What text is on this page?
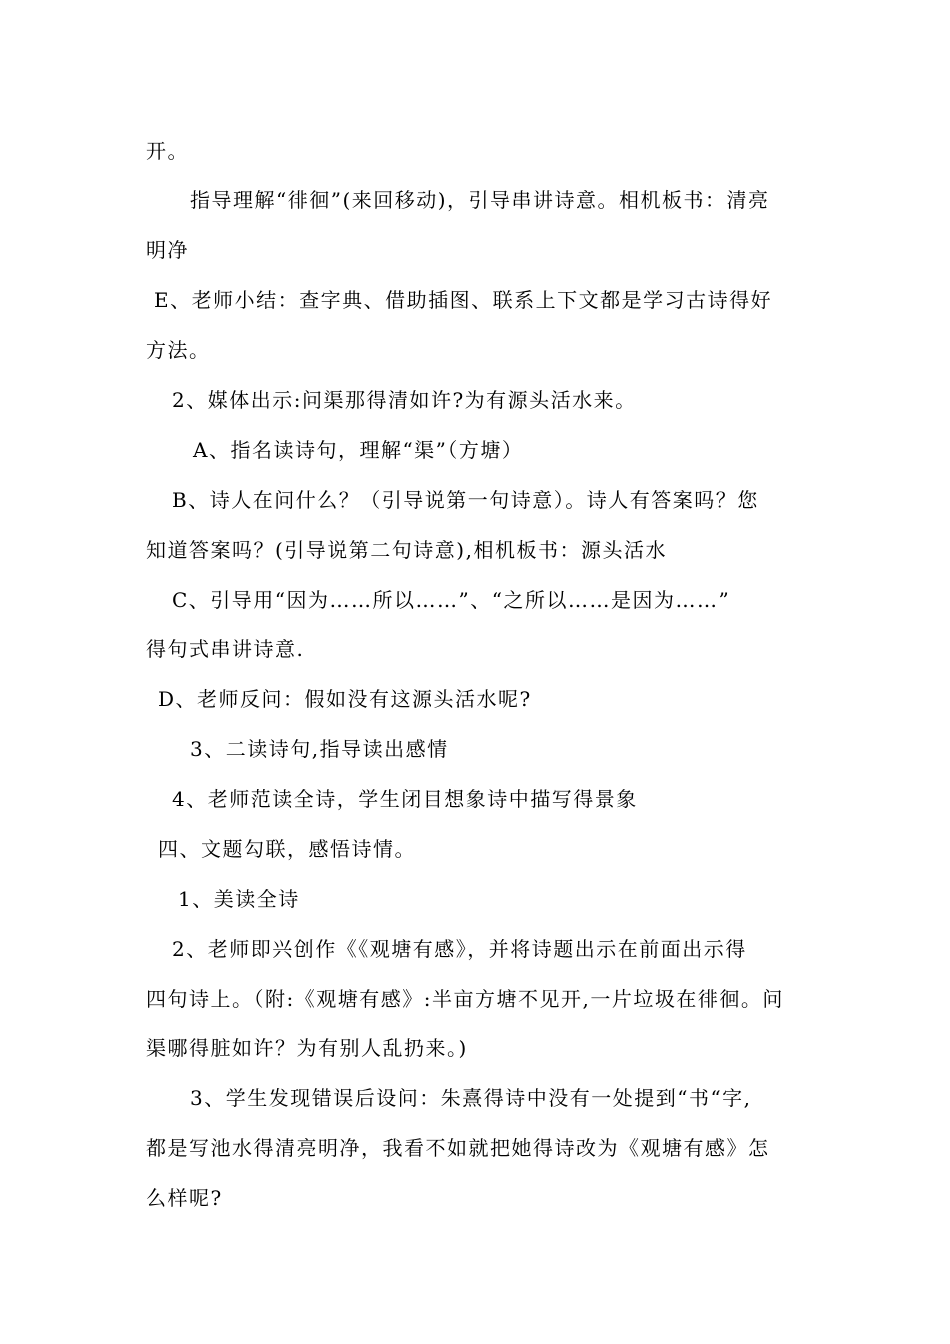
开。
指导理解“徘徊”(来回移动)，引导串讲诗意。相机板书：清亮
明净
E、老师小结：查字典、借助插图、联系上下文都是学习古诗得好
方法。
2、媒体出示:问渠那得清如许?为有源头活水来。
A、指名读诗句，理解“渠”（方塘）
B、诗人在问什么？（引导说第一句诗意）。诗人有答案吗？您
知道答案吗？(引导说第二句诗意),相机板书：源头活水
C、引导用“因为……所以……”、“之所以……是因为……”
得句式串讲诗意.
D、老师反问：假如没有这源头活水呢?
3、二读诗句,指导读出感情
4、老师范读全诗，学生闭目想象诗中描写得景象
四、文题勾联，感悟诗情。
1、美读全诗
2、老师即兴创作《《观塘有感》，并将诗题出示在前面出示得
四句诗上。（附:《观塘有感》:半亩方塘不见开,一片垃圾在徘徊。问
渠哪得脏如许？为有别人乱扔来。)
3、学生发现错误后设问：朱熹得诗中没有一处提到“书“字,
都是写池水得清亮明净，我看不如就把她得诗改为《观塘有感》怎
么样呢?
